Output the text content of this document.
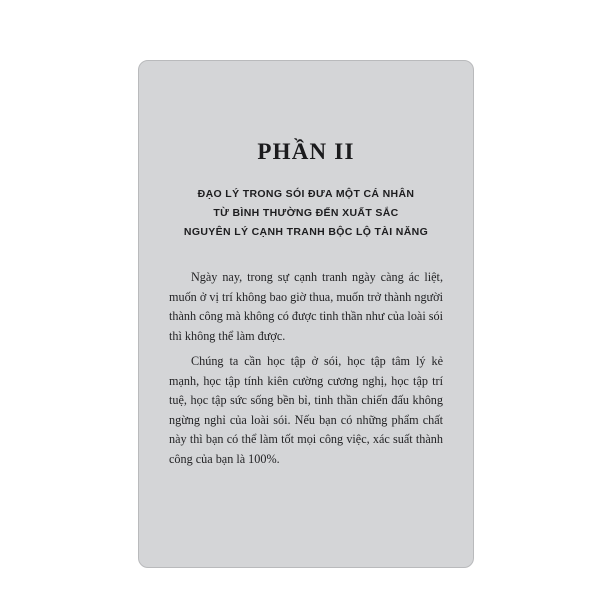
PHẦN II
ĐẠO LÝ TRONG SÓI ĐƯA MỘT CÁ NHÂN
TỪ BÌNH THƯỜNG ĐẾN XUẤT SẮC
NGUYÊN LÝ CẠNH TRANH BỘC LỘ TÀI NĂNG

Ngày nay, trong sự cạnh tranh ngày càng ác liệt, muốn ở vị trí không bao giờ thua, muốn trở thành người thành công mà không có được tinh thần như của loài sói thì không thể làm được.

Chúng ta cần học tập ở sói, học tập tâm lý kẻ mạnh, học tập tính kiên cường cương nghị, học tập trí tuệ, học tập sức sống bền bỉ, tinh thần chiến đấu không ngừng nghỉ của loài sói. Nếu bạn có những phẩm chất này thì bạn có thể làm tốt mọi công việc, xác suất thành công của bạn là 100%.
